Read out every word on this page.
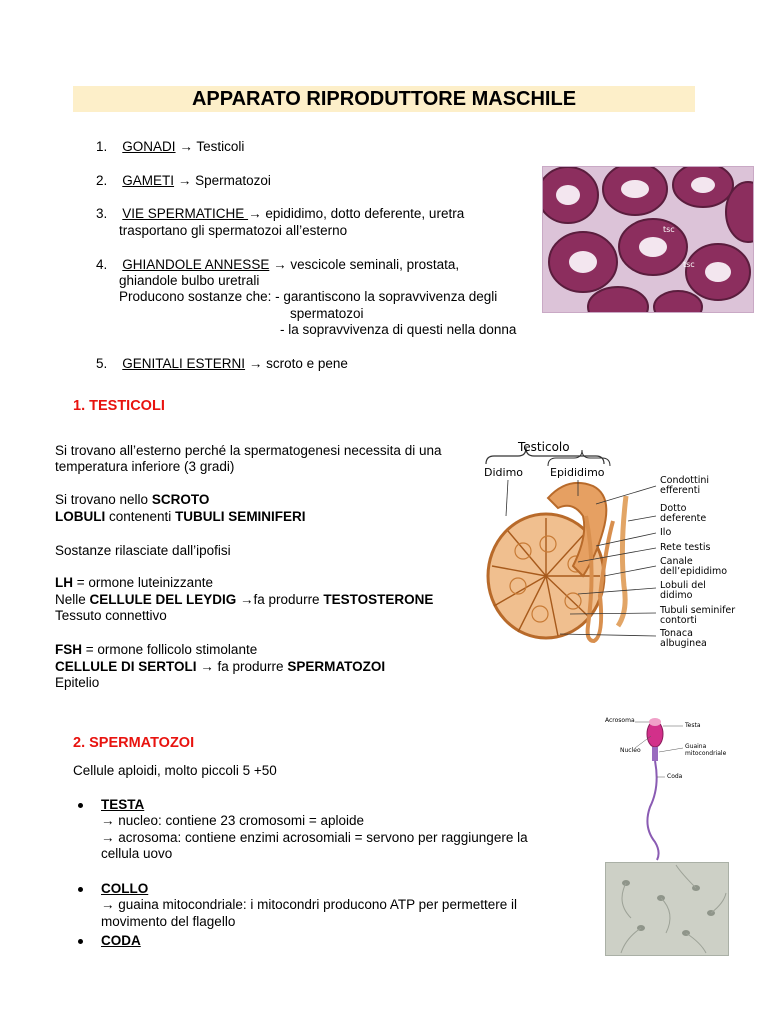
APPARATO RIPRODUTTORE MASCHILE
1. GONADI → Testicoli
2. GAMETI → Spermatozoi
3. VIE SPERMATICHE → epididimo, dotto deferente, uretra
trasportano gli spermatozoi all’esterno
4. GHIANDOLE ANNESSE → vescicole seminali, prostata,
ghiandole bulbo uretrali
Producono sostanze che: - garantiscono la sopravvivenza degli
spermatozoi
- la sopravvivenza di questi nella donna
5. GENITALI ESTERNI → scroto e pene
tsc
tsc
1. TESTICOLI
Si trovano all’esterno perché la spermatogenesi necessita di una
temperatura inferiore (3 gradi)
Si trovano nello SCROTO
LOBULI contenenti TUBULI SEMINIFERI
Sostanze rilasciate dall’ipofisi
LH = ormone luteinizzante
Nelle CELLULE DEL LEYDIG →fa produrre TESTOSTERONE
Tessuto connettivo
FSH = ormone follicolo stimolante
CELLULE DI SERTOLI → fa produrre SPERMATOZOI
Epitelio
Testicolo
Didimo Epididimo
Condottini
efferenti
Dotto
deferente
Ilo
Rete testis
Canale
dell’epididimo
Lobuli del
didimo
Tubuli seminifer
contorti
Tonaca
albuginea
2. SPERMATOZOI
Cellule aploidi, molto piccoli 5 +50
TESTA
→ nucleo: contiene 23 cromosomi = aploide
→ acrosoma: contiene enzimi acrosomiali = servono per raggiungere la
cellula uovo
COLLO
→ guaina mitocondriale: i mitocondri producono ATP per permettere il
movimento del flagello
CODA
Acrosoma
Testa
Nucleo
Guaina
mitocondriale
Coda
